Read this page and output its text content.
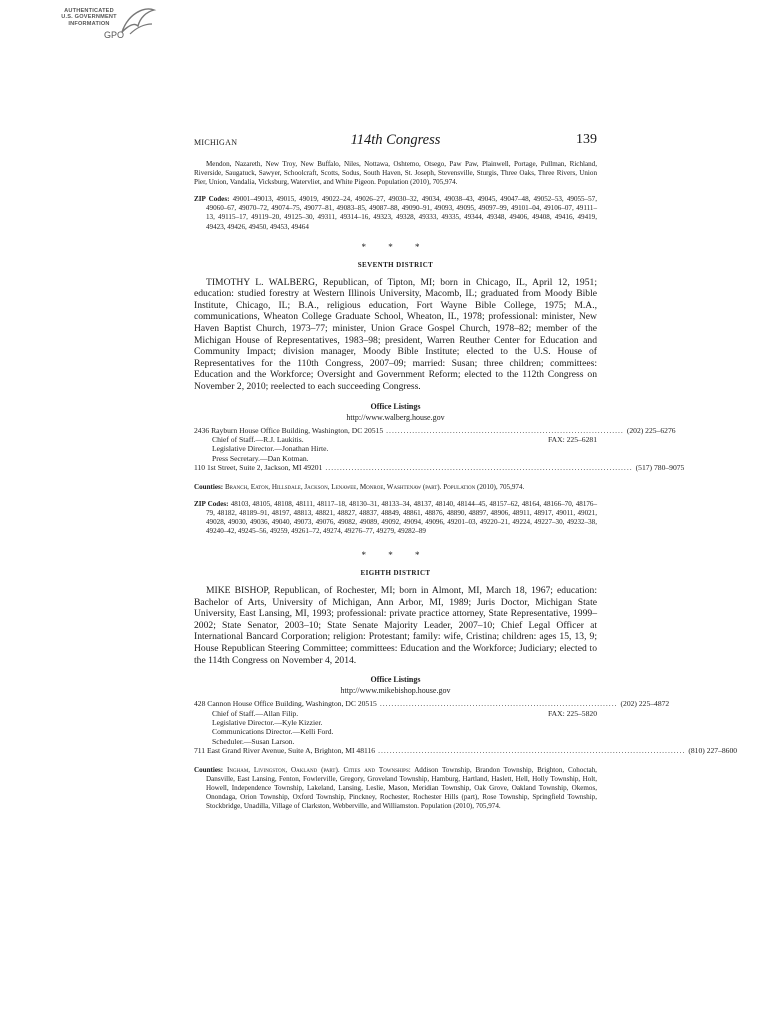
AUTHENTICATED
U.S. GOVERNMENT
INFORMATION
GPO
MICHIGAN	114th Congress	139
Mendon, Nazareth, New Troy, New Buffalo, Niles, Nottawa, Oshtemo, Otsego, Paw Paw, Plainwell, Portage, Pullman, Richland, Riverside, Saugatuck, Sawyer, Schoolcraft, Scotts, Sodus, South Haven, St. Joseph, Stevensville, Sturgis, Three Oaks, Three Rivers, Union Pier, Union, Vandalia, Vicksburg, Watervliet, and White Pigeon. Population (2010), 705,974.
ZIP Codes: 49001–49013, 49015, 49019, 49022–24, 49026–27, 49030–32, 49034, 49038–43, 49045, 49047–48, 49052–53, 49055–57, 49060–67, 49070–72, 49074–75, 49077–81, 49083–85, 49087–88, 49090–91, 49093, 49095, 49097–99, 49101–04, 49106–07, 49111–13, 49115–17, 49119–20, 49125–30, 49311, 49314–16, 49323, 49328, 49333, 49335, 49344, 49348, 49406, 49408, 49416, 49419, 49423, 49426, 49450, 49453, 49464
* * *
SEVENTH DISTRICT

TIMOTHY L. WALBERG, Republican, of Tipton, MI; born in Chicago, IL, April 12, 1951; education: studied forestry at Western Illinois University, Macomb, IL; graduated from Moody Bible Institute, Chicago, IL; B.A., religious education, Fort Wayne Bible College, 1975; M.A., communications, Wheaton College Graduate School, Wheaton, IL, 1978; professional: minister, New Haven Baptist Church, 1973–77; minister, Union Grace Gospel Church, 1978–82; member of the Michigan House of Representatives, 1983–98; president, Warren Reuther Center for Education and Community Impact; division manager, Moody Bible Institute; elected to the U.S. House of Representatives for the 110th Congress, 2007–09; married: Susan; three children; committees: Education and the Workforce; Oversight and Government Reform; elected to the 112th Congress on November 2, 2010; reelected to each succeeding Congress.

Office Listings
http://www.walberg.house.gov
2436 Rayburn House Office Building, Washington, DC 20515 .................................................................................. (202) 225–6276
Chief of Staff.—R.J. Laukitis.	FAX: 225–6281
Legislative Director.—Jonathan Hirte.
Press Secretary.—Dan Kotman.
110 1st Street, Suite 2, Jackson, MI 49201 .......................................................................................................... (517) 780–9075
Counties: Branch, Eaton, Hillsdale, Jackson, Lenawee, Monroe, Washtenaw (part). Population (2010), 705,974.
ZIP Codes: 48103, 48105, 48108, 48111, 48117–18, 48130–31, 48133–34, 48137, 48140, 48144–45, 48157–62, 48164, 48166–70, 48176–79, 48182, 48189–91, 48197, 48813, 48821, 48827, 48837, 48849, 48861, 48876, 48890, 48897, 48906, 48911, 48917, 49011, 49021, 49028, 49030, 49036, 49040, 49073, 49076, 49082, 49089, 49092, 49094, 49096, 49201–03, 49220–21, 49224, 49227–30, 49232–38, 49240–42, 49245–56, 49259, 49261–72, 49274, 49276–77, 49279, 49282–89
* * *
EIGHTH DISTRICT

MIKE BISHOP, Republican, of Rochester, MI; born in Almont, MI, March 18, 1967; education: Bachelor of Arts, University of Michigan, Ann Arbor, MI, 1989; Juris Doctor, Michigan State University, East Lansing, MI, 1993; professional: private practice attorney, State Representative, 1999–2002; State Senator, 2003–10; State Senate Majority Leader, 2007–10; Chief Legal Officer at International Bancard Corporation; religion: Protestant; family: wife, Cristina; children: ages 15, 13, 9; House Republican Steering Committee; committees: Education and the Workforce; Judiciary; elected to the 114th Congress on November 4, 2014.

Office Listings
http://www.mikebishop.house.gov
428 Cannon House Office Building, Washington, DC 20515 .................................................................................. (202) 225–4872
Chief of Staff.—Allan Filip.	FAX: 225–5820
Legislative Director.—Kyle Kizzier.
Communications Director.—Kelli Ford.
Scheduler.—Susan Larson.
711 East Grand River Avenue, Suite A, Brighton, MI 48116 .......................................................................................................... (810) 227–8600
Counties: Ingham, Livingston, Oakland (part). Cities and Townships: Addison Township, Brandon Township, Brighton, Cohoctah, Dansville, East Lansing, Fenton, Fowlerville, Gregory, Groveland Township, Hamburg, Hartland, Haslett, Hell, Holly Township, Holt, Howell, Independence Township, Lakeland, Lansing, Leslie, Mason, Meridian Township, Oak Grove, Oakland Township, Okemos, Onondaga, Orion Township, Oxford Township, Pinckney, Rochester, Rochester Hills (part), Rose Township, Springfield Township, Stockbridge, Unadilla, Village of Clarkston, Webberville, and Williamston. Population (2010), 705,974.
